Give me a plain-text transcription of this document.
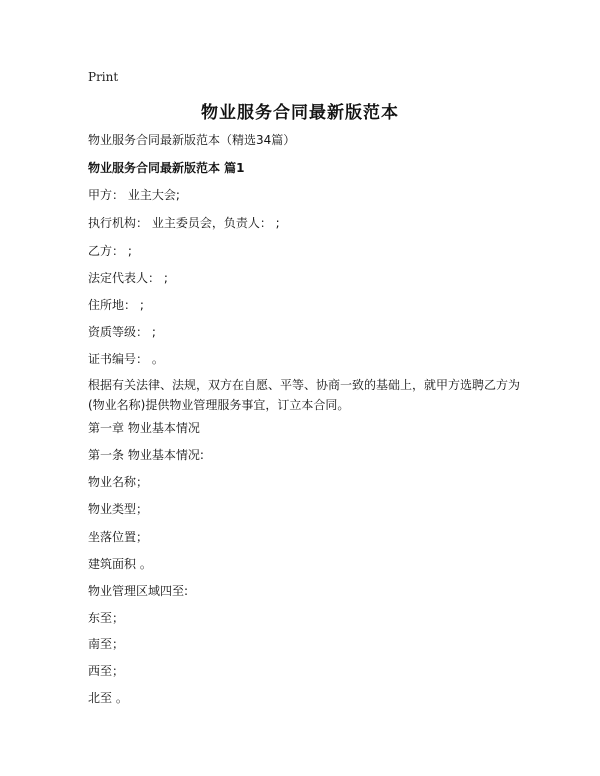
Print
物业服务合同最新版范本
物业服务合同最新版范本（精选34篇）
物业服务合同最新版范本 篇1
甲方： 业主大会;
执行机构： 业主委员会，负责人： ;
乙方： ;
法定代表人： ;
住所地： ;
资质等级： ;
证书编号： 。
根据有关法律、法规，双方在自愿、平等、协商一致的基础上，就甲方选聘乙方为(物业名称)提供物业管理服务事宜，订立本合同。
第一章 物业基本情况
第一条 物业基本情况:
物业名称；
物业类型；
坐落位置；
建筑面积 。
物业管理区域四至:
东至；
南至；
西至；
北至 。
